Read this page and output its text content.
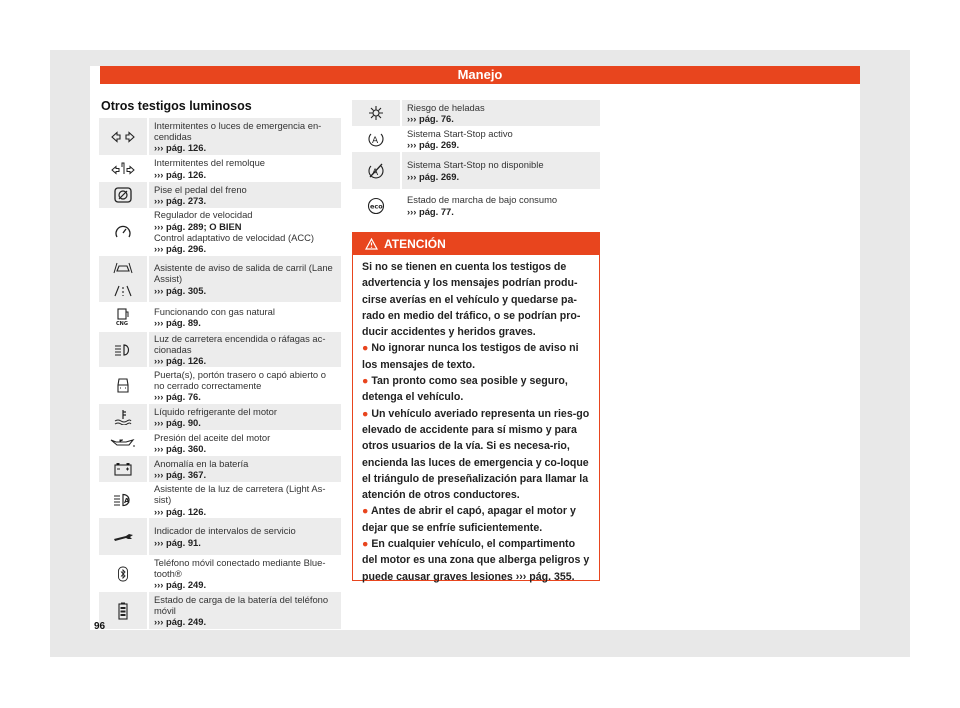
Manejo
Otros testigos luminosos
Intermitentes o luces de emergencia en-cendidas
››› pág. 126.
Intermitentes del remolque
››› pág. 126.
Pise el pedal del freno
››› pág. 273.
Regulador de velocidad
››› pág. 289; O BIEN
Control adaptativo de velocidad (ACC)
››› pág. 296.
Asistente de aviso de salida de carril (Lane Assist)
››› pág. 305.
CNG
Funcionando con gas natural
››› pág. 89.
Luz de carretera encendida o ráfagas ac-cionadas
››› pág. 126.
Puerta(s), portón trasero o capó abierto o no cerrado correctamente
››› pág. 76.
Líquido refrigerante del motor
››› pág. 90.
Presión del aceite del motor
››› pág. 360.
Anomalía en la batería
››› pág. 367.
A
Asistente de la luz de carretera (Light As-sist)
››› pág. 126.
Indicador de intervalos de servicio
››› pág. 91.
Teléfono móvil conectado mediante Blue-tooth®
››› pág. 249.
Estado de carga de la batería del teléfono móvil
››› pág. 249.
Riesgo de heladas
››› pág. 76.
A
Sistema Start-Stop activo
››› pág. 269.
A
Sistema Start-Stop no disponible
››› pág. 269.
eco
Estado de marcha de bajo consumo
››› pág. 77.
ATENCIÓN

Si no se tienen en cuenta los testigos de advertencia y los mensajes podrían produ-cirse averías en el vehículo y quedarse pa-rado en medio del tráfico, o se podrían pro-ducir accidentes y heridos graves.

● No ignorar nunca los testigos de aviso ni los mensajes de texto.

● Tan pronto como sea posible y seguro, detenga el vehículo.

● Un vehículo averiado representa un ries-go elevado de accidente para sí mismo y para otros usuarios de la vía. Si es necesa-rio, encienda las luces de emergencia y co-loque el triángulo de preseñalización para llamar la atención de otros conductores.

● Antes de abrir el capó, apagar el motor y dejar que se enfríe suficientemente.

● En cualquier vehículo, el compartimento del motor es una zona que alberga peligros y puede causar graves lesiones ››› pág. 355.

96
